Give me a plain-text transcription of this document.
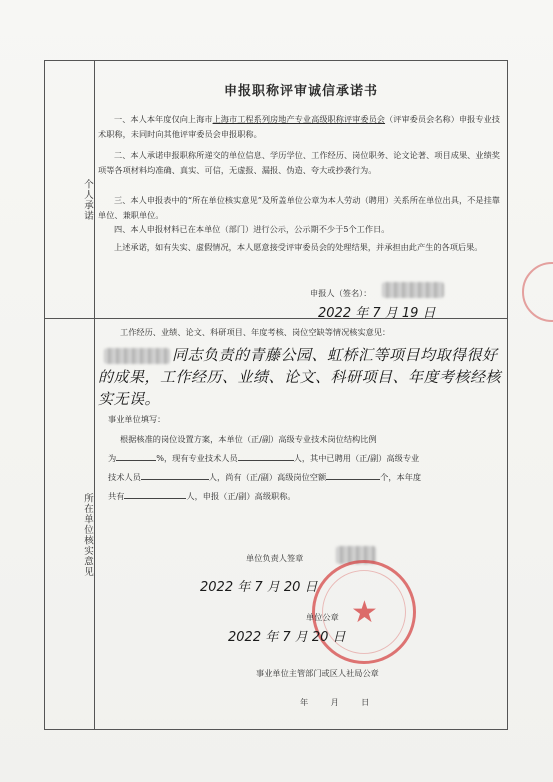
个人承诺
所在单位核实意见
申报职称评审诚信承诺书
一、本人本年度仅向上海市上海市工程系列房地产专业高级职称评审委员会（评审委员会名称）申报专业技术职称，未同时向其他评审委员会申报职称。
二、本人承诺申报职称所递交的单位信息、学历学位、工作经历、岗位职务、论文论著、项目成果、业绩奖项等各项材料均准确、真实、可信，无虚报、漏报、伪造、夸大或抄袭行为。
三、本人申报表中的“所在单位核实意见”及所盖单位公章为本人劳动（聘用）关系所在单位出具，不是挂靠单位、兼职单位。
四、本人申报材料已在本单位（部门）进行公示，公示期不少于5个工作日。
上述承诺，如有失实、虚假情况，本人愿意接受评审委员会的处理结果，并承担由此产生的各项后果。
申报人（签名）：
2022 年 7 月 19 日
工作经历、业绩、论文、科研项目、年度考核、岗位空缺等情况核实意见：
同志负责的青藤公园、虹桥汇等项目均取得很好的成果，工作经历、业绩、论文、科研项目、年度考核经核实无误。
事业单位填写：
根据核准的岗位设置方案，本单位（正/副）高级专业技术岗位结构比例
为	%，现有专业技术人员	人，其中已聘用（正/副）高级专业
技术人员	人，尚有（正/副）高级岗位空额	个，本年度
共有	人，申报（正/副）高级职称。
单位负责人签章
2022 年 7 月 20 日
★
单位公章
2022 年 7 月 20 日
事业单位主管部门或区人社局公章
年　　月　　日
